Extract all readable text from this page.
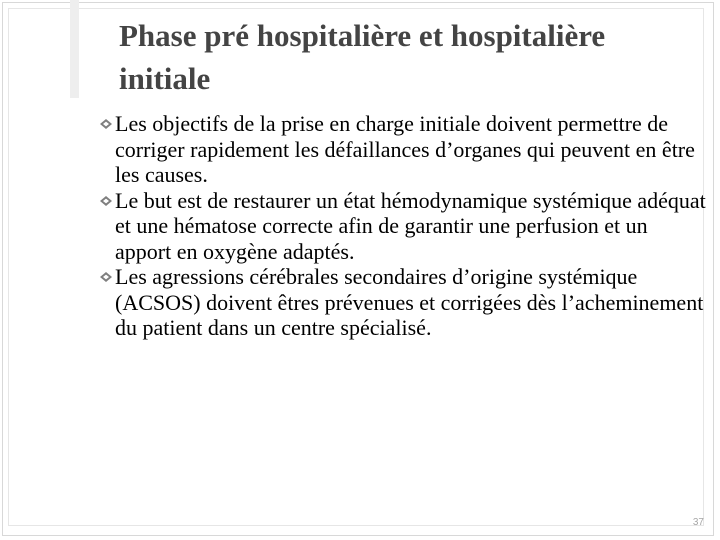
Phase pré hospitalière et hospitalière initiale
Les objectifs de la prise en charge initiale doivent permettre de corriger rapidement les défaillances d’organes qui peuvent en être les causes.
Le but est de restaurer un état hémodynamique systémique adéquat et une hématose correcte afin de garantir une perfusion et un apport en oxygène adaptés.
Les agressions cérébrales secondaires d’origine systémique (ACSOS) doivent êtres prévenues et corrigées dès l’acheminement du patient dans un centre spécialisé.
37
